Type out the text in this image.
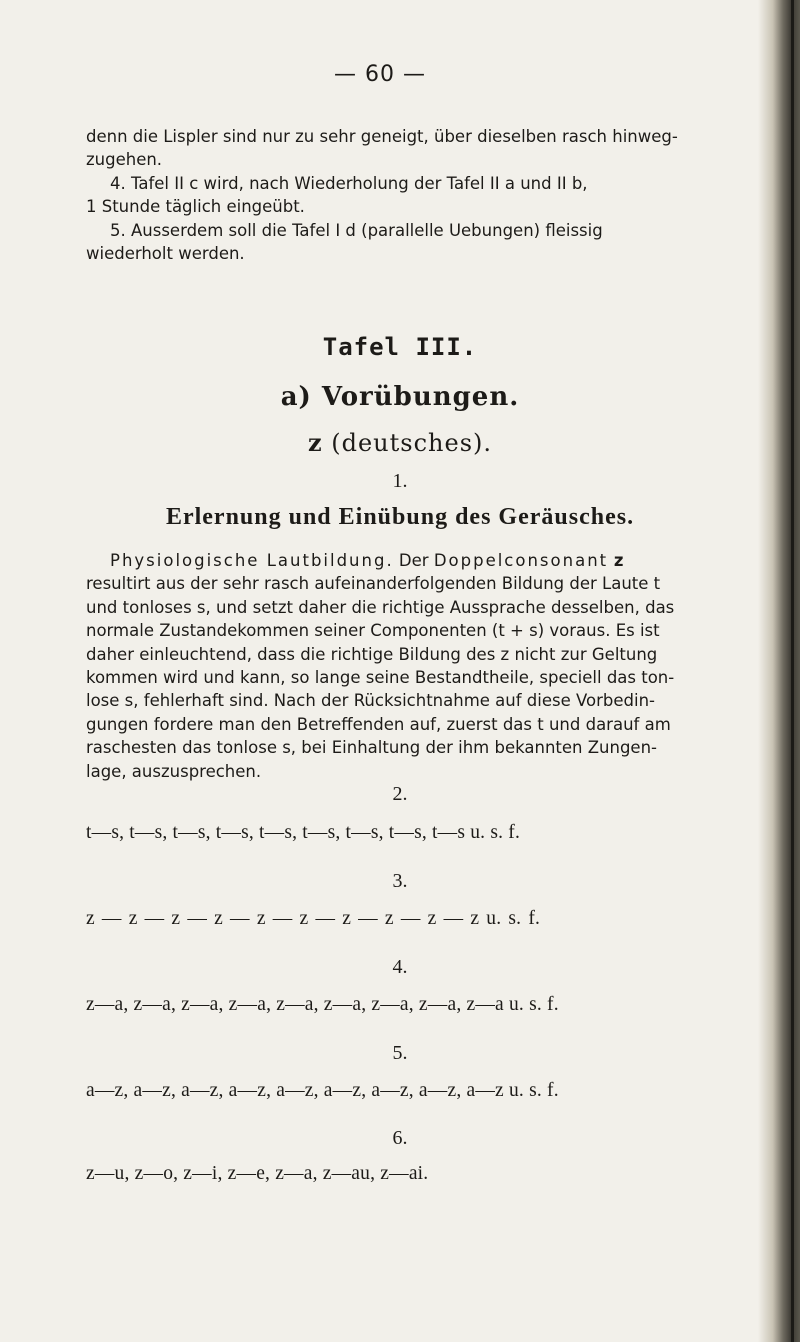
— 60 —

denn die Lispler sind nur zu sehr geneigt, über dieselben rasch hinweg-
zugehen.
4. Tafel II c wird, nach Wiederholung der Tafel II a und II b,
1 Stunde täglich eingeübt.
5. Ausserdem soll die Tafel I d (parallelle Uebungen) fleissig
wiederholt werden.

Tafel III.
a) Vorübungen.
z (deutsches).
1.
Erlernung und Einübung des Geräusches.

Physiologische Lautbildung. Der Doppelconsonant z
resultirt aus der sehr rasch aufeinanderfolgenden Bildung der Laute t
und tonloses s, und setzt daher die richtige Aussprache desselben, das
normale Zustandekommen seiner Componenten (t + s) voraus. Es ist
daher einleuchtend, dass die richtige Bildung des z nicht zur Geltung
kommen wird und kann, so lange seine Bestandtheile, speciell das ton-
lose s, fehlerhaft sind. Nach der Rücksichtnahme auf diese Vorbedin-
gungen fordere man den Betreffenden auf, zuerst das t und darauf am
raschesten das tonlose s, bei Einhaltung der ihm bekannten Zungen-
lage, auszusprechen.

2.

t—s, t—s, t—s, t—s, t—s, t—s, t—s, t—s, t—s u. s. f.

3.

z — z — z — z — z — z — z — z — z — z u. s. f.

4.

z—a, z—a, z—a, z—a, z—a, z—a, z—a, z—a, z—a u. s. f.

5.

a—z, a—z, a—z, a—z, a—z, a—z, a—z, a—z, a—z u. s. f.

6.

z—u, z—o, z—i, z—e, z—a, z—au, z—ai.
